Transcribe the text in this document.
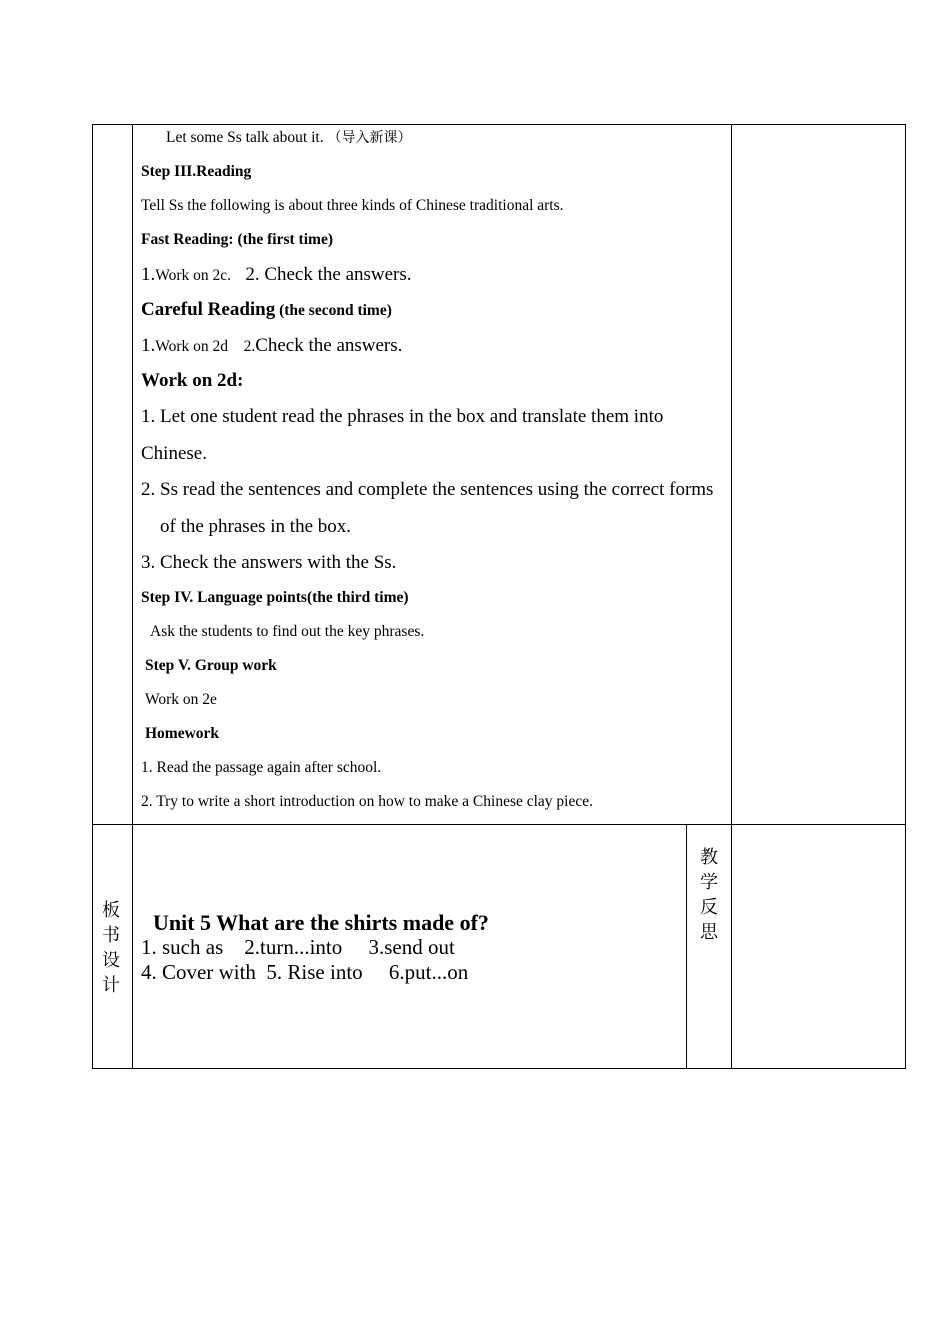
Let some Ss talk about it. （导入新课）
Step III.Reading
Tell Ss the following is about three kinds of Chinese traditional arts.
Fast Reading: (the first time)
1.Work on 2c.   2. Check the answers.
Careful Reading (the second time)
1.Work on 2d    2.Check the answers.
Work on 2d:
1. Let one student read the phrases in the box and translate them into
Chinese.
2. Ss read the sentences and complete the sentences using the correct forms
of the phrases in the box.
3. Check the answers with the Ss.
Step IV. Language points(the third time)
Ask the students to find out the key phrases.
Step V. Group work
Work on 2e
Homework
1. Read the passage again after school.
2. Try to write a short introduction on how to make a Chinese clay piece.
板
书
设
计
教
学
反
思
Unit 5 What are the shirts made of?
1. such as    2.turn...into     3.send out
4. Cover with  5. Rise into     6.put...on
